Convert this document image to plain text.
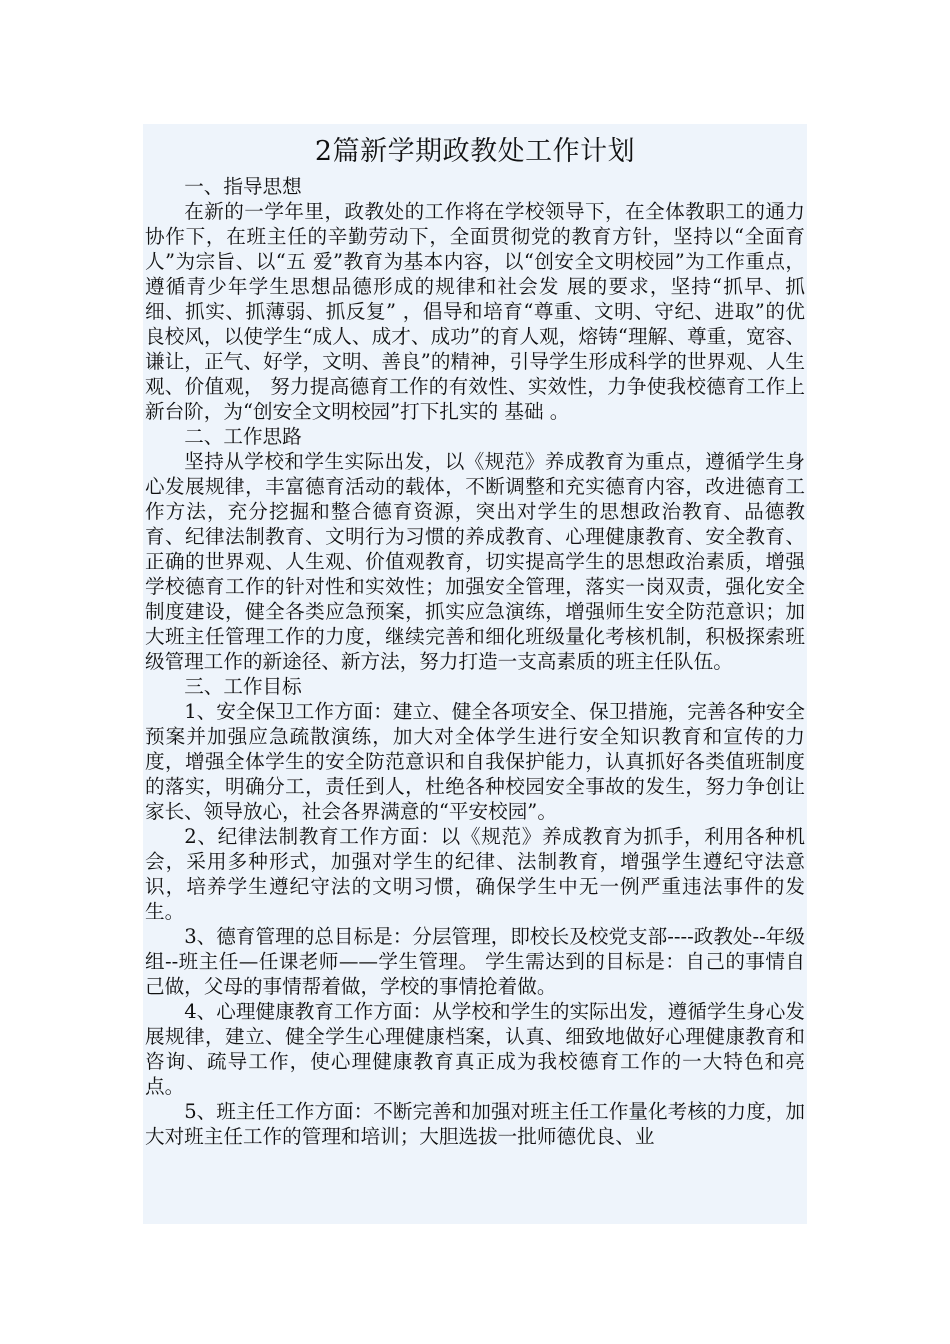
2篇新学期政教处工作计划

一、指导思想

在新的一学年里，政教处的工作将在学校领导下，在全体教职工的通力协作下，在班主任的辛勤劳动下，全面贯彻党的教育方针，坚持以“全面育人”为宗旨、以“五 爱”教育为基本内容，以“创安全文明校园”为工作重点，遵循青少年学生思想品德形成的规律和社会发 展的要求，坚持“抓早、抓细、抓实、抓薄弱、抓反复” ，倡导和培育“尊重、文明、守纪、进取”的优良校风，以使学生“成人、成才、成功”的育人观，熔铸“理解、尊重，宽容、谦让，正气、好学，文明、善良”的精神，引导学生形成科学的世界观、人生观、价值观， 努力提高德育工作的有效性、实效性，力争使我校德育工作上新台阶，为“创安全文明校园”打下扎实的 基础 。

二、工作思路

坚持从学校和学生实际出发，以《规范》养成教育为重点，遵循学生身心发展规律，丰富德育活动的载体，不断调整和充实德育内容，改进德育工作方法，充分挖掘和整合德育资源，突出对学生的思想政治教育、品德教育、纪律法制教育、文明行为习惯的养成教育、心理健康教育、安全教育、正确的世界观、人生观、价值观教育，切实提高学生的思想政治素质，增强学校德育工作的针对性和实效性；加强安全管理，落实一岗双责，强化安全制度建设，健全各类应急预案，抓实应急演练，增强师生安全防范意识；加大班主任管理工作的力度，继续完善和细化班级量化考核机制，积极探索班级管理工作的新途径、新方法，努力打造一支高素质的班主任队伍。

三、工作目标

1、安全保卫工作方面：建立、健全各项安全、保卫措施，完善各种安全预案并加强应急疏散演练，加大对全体学生进行安全知识教育和宣传的力度，增强全体学生的安全防范意识和自我保护能力，认真抓好各类值班制度的落实，明确分工，责任到人，杜绝各种校园安全事故的发生，努力争创让家长、领导放心，社会各界满意的“平安校园”。

2、纪律法制教育工作方面：以《规范》养成教育为抓手，利用各种机会，采用多种形式，加强对学生的纪律、法制教育，增强学生遵纪守法意识，培养学生遵纪守法的文明习惯，确保学生中无一例严重违法事件的发生。

3、德育管理的总目标是：分层管理，即校长及校党支部----政教处--年级组--班主任—任课老师——学生管理。 学生需达到的目标是：自己的事情自己做，父母的事情帮着做，学校的事情抢着做。

4、心理健康教育工作方面：从学校和学生的实际出发，遵循学生身心发展规律，建立、健全学生心理健康档案，认真、细致地做好心理健康教育和咨询、疏导工作，使心理健康教育真正成为我校德育工作的一大特色和亮点。

5、班主任工作方面：不断完善和加强对班主任工作量化考核的力度，加大对班主任工作的管理和培训；大胆选拔一批师德优良、业
